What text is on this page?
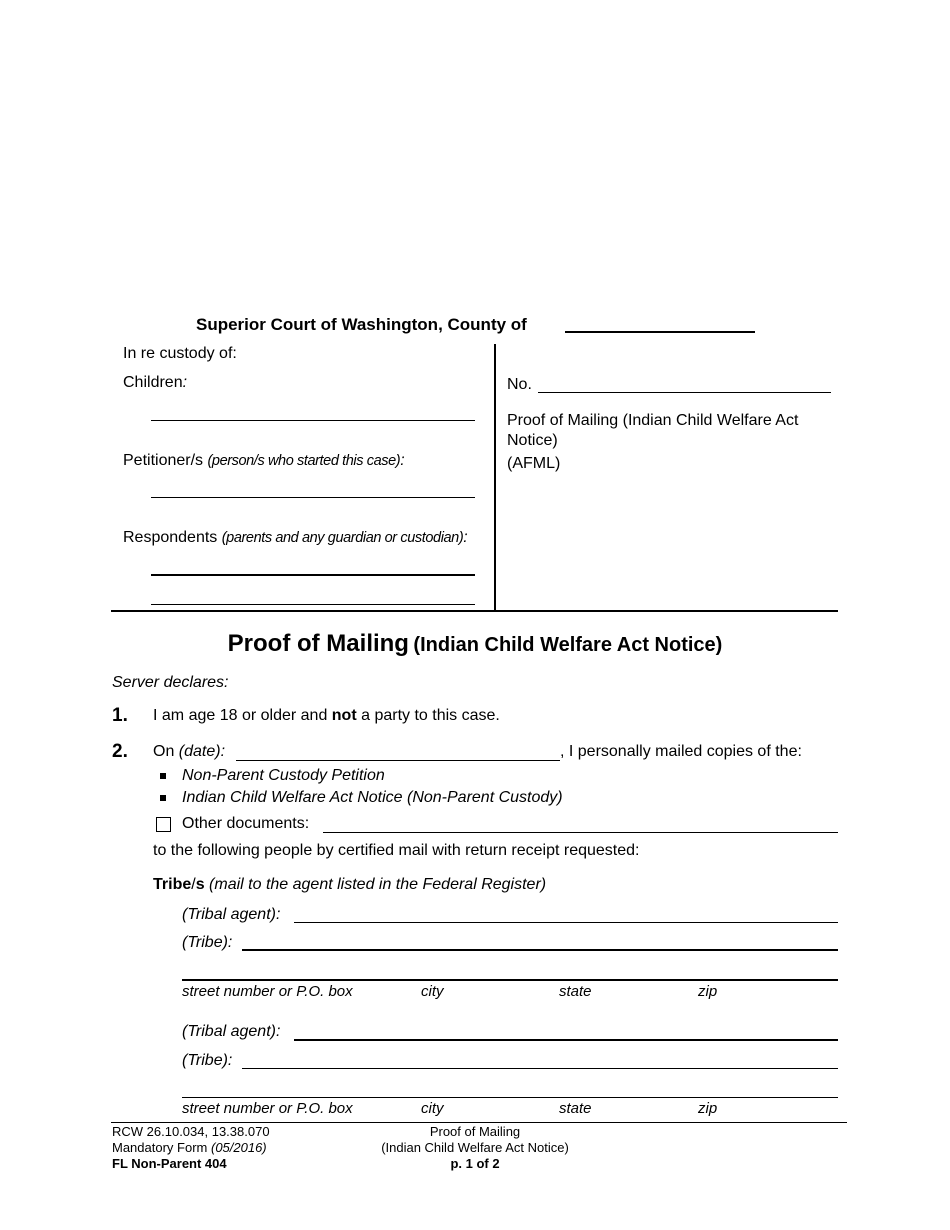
Superior Court of Washington, County of
In re custody of:
Children:
Petitioner/s (person/s who started this case):
Respondents (parents and any guardian or custodian):
No.
Proof of Mailing (Indian Child Welfare Act Notice)
(AFML)
Proof of Mailing (Indian Child Welfare Act Notice)
Server declares:
1. I am age 18 or older and not a party to this case.
2. On (date):	, I personally mailed copies of the:
Non-Parent Custody Petition
Indian Child Welfare Act Notice (Non-Parent Custody)
Other documents:
to the following people by certified mail with return receipt requested:
Tribe/s (mail to the agent listed in the Federal Register)
(Tribal agent):
(Tribe):
street number or P.O. box	city	state	zip
(Tribal agent):
(Tribe):
street number or P.O. box	city	state	zip
RCW 26.10.034, 13.38.070
Mandatory Form (05/2016)
FL Non-Parent 404
Proof of Mailing
(Indian Child Welfare Act Notice)
p. 1 of 2
